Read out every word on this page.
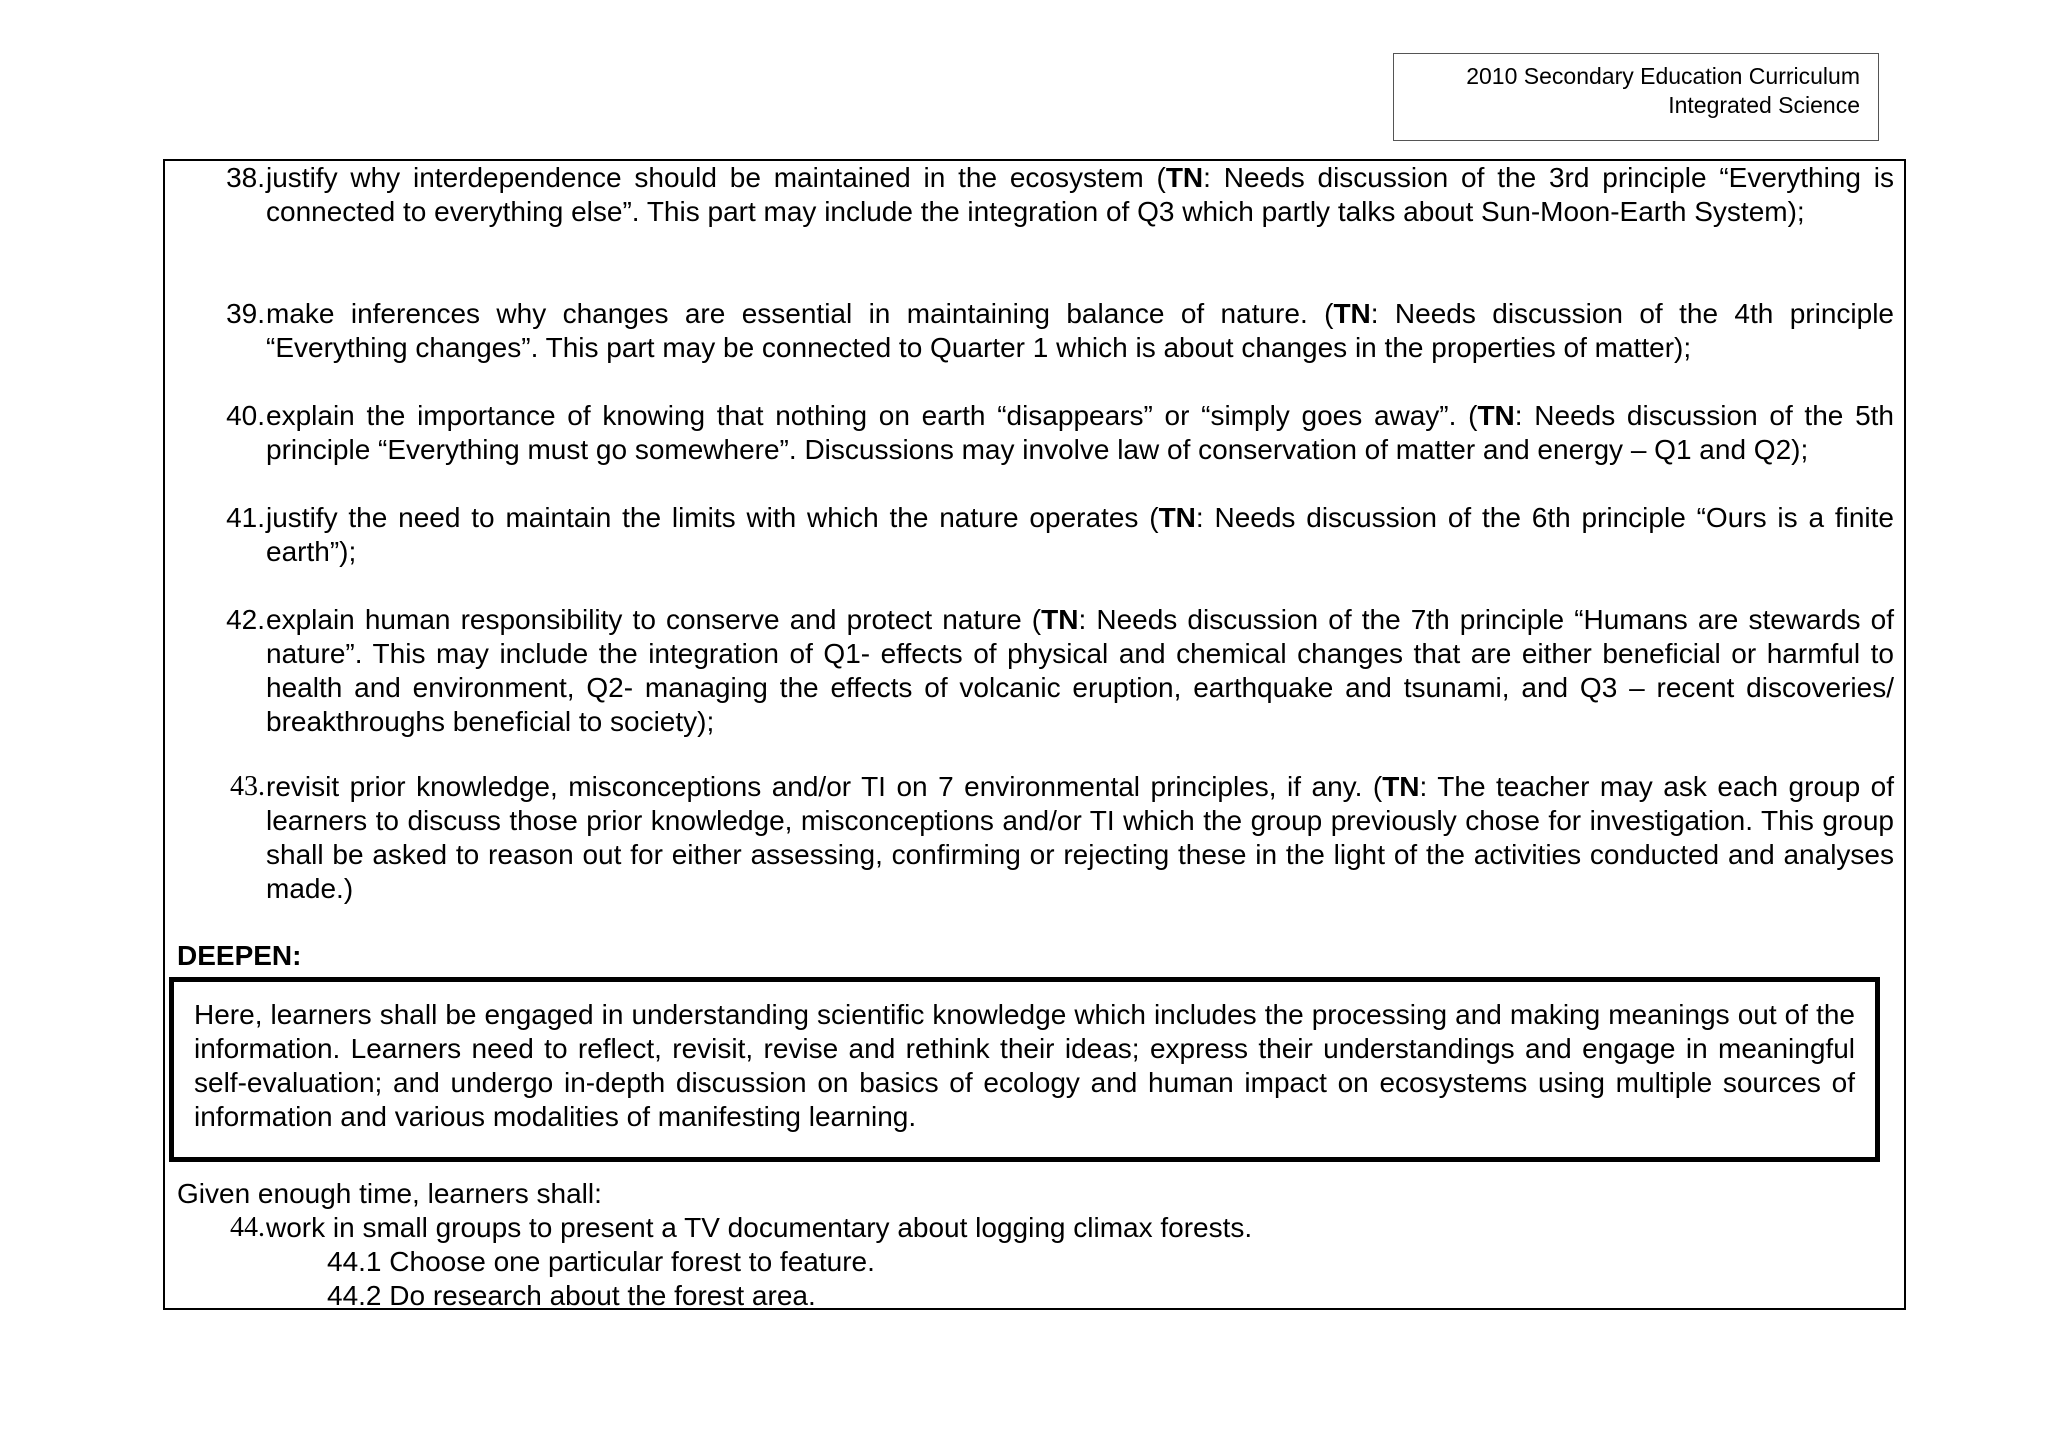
2010 Secondary Education Curriculum
Integrated Science
38. justify why interdependence should be maintained in the ecosystem (TN: Needs discussion of the 3rd principle “Everything is connected to everything else”. This part may include the integration of Q3 which partly talks about Sun-Moon-Earth System);
39. make inferences why changes are essential in maintaining balance of nature. (TN: Needs discussion of the 4th principle “Everything changes”. This part may be connected to Quarter 1 which is about changes in the properties of matter);
40. explain the importance of knowing that nothing on earth “disappears” or “simply goes away”. (TN: Needs discussion of the 5th principle “Everything must go somewhere”. Discussions may involve law of conservation of matter and energy – Q1 and Q2);
41. justify the need to maintain the limits with which the nature operates (TN: Needs discussion of the 6th principle “Ours is a finite earth”);
42. explain human responsibility to conserve and protect nature (TN: Needs discussion of the 7th principle “Humans are stewards of nature”. This may include the integration of Q1- effects of physical and chemical changes that are either beneficial or harmful to health and environment, Q2- managing the effects of volcanic eruption, earthquake and tsunami, and Q3 – recent discoveries/ breakthroughs beneficial to society);
43. revisit prior knowledge, misconceptions and/or TI on 7 environmental principles, if any. (TN: The teacher may ask each group of learners to discuss those prior knowledge, misconceptions and/or TI which the group previously chose for investigation. This group shall be asked to reason out for either assessing, confirming or rejecting these in the light of the activities conducted and analyses made.)
DEEPEN:
Here, learners shall be engaged in understanding scientific knowledge which includes the processing and making meanings out of the information. Learners need to reflect, revisit, revise and rethink their ideas; express their understandings and engage in meaningful self-evaluation; and undergo in-depth discussion on basics of ecology and human impact on ecosystems using multiple sources of information and various modalities of manifesting learning.
Given enough time, learners shall:
44. work in small groups to present a TV documentary about logging climax forests.
44.1 Choose one particular forest to feature.
44.2 Do research about the forest area.
